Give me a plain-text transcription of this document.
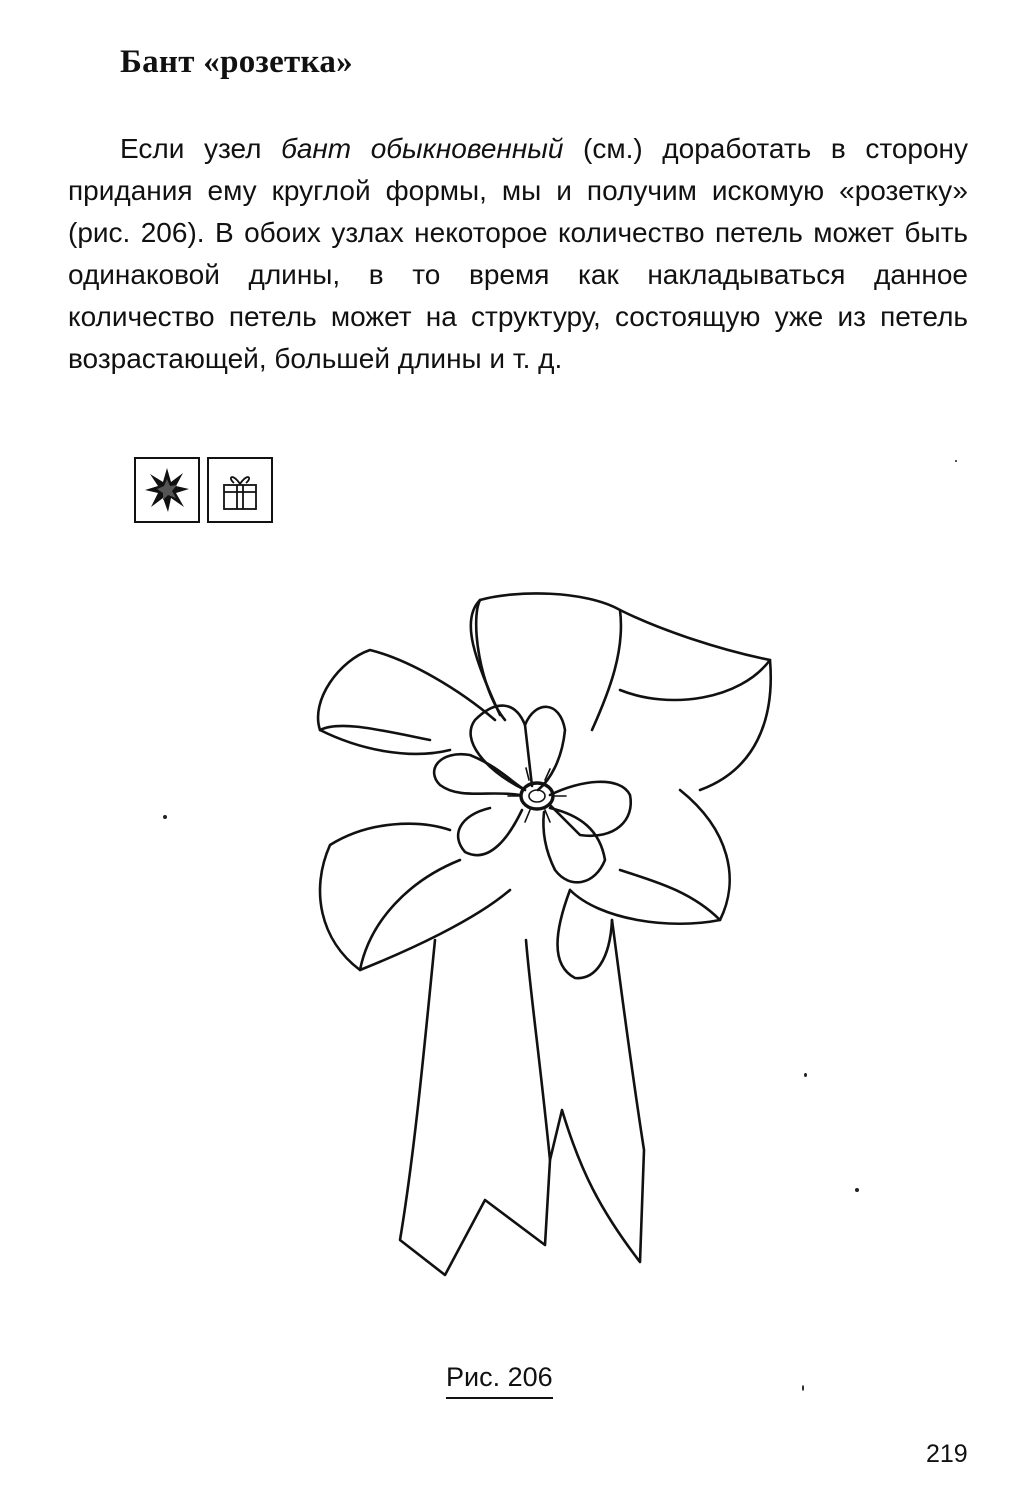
Бант «розетка»

Если узел бант обыкновенный (см.) доработать в сторону придания ему круглой формы, мы и получим искомую «розетку» (рис. 206). В обоих узлах некоторое количество петель может быть одинаковой длины, в то время как накладываться данное количество петель может на структуру, состоящую уже из петель возрастающей, большей длины и т. д.

Рис. 206
219
